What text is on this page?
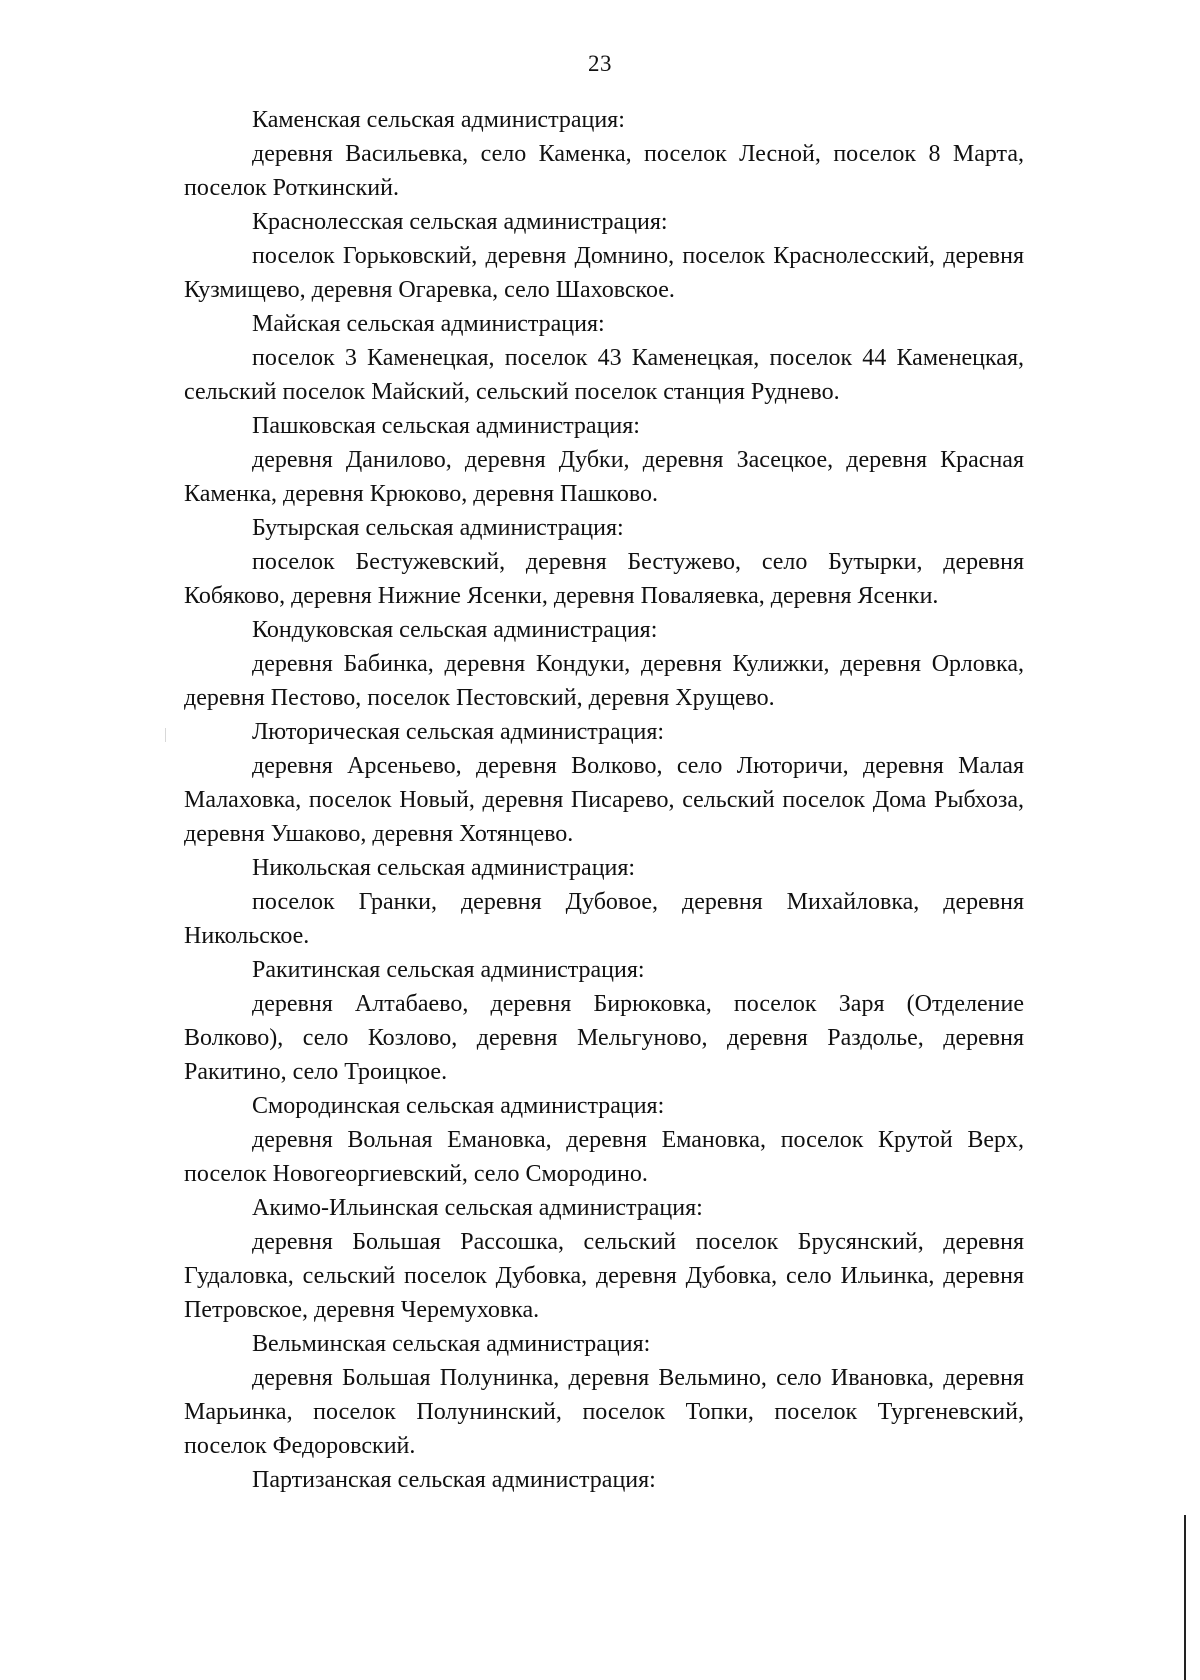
23

Каменская сельская администрация:

деревня Васильевка, село Каменка, поселок Лесной, поселок 8 Марта, поселок Роткинский.

Краснолесская сельская администрация:

поселок Горьковский, деревня Домнино, поселок Краснолесский, деревня Кузмищево, деревня Огаревка, село Шаховское.

Майская сельская администрация:

поселок 3 Каменецкая, поселок 43 Каменецкая, поселок 44 Каменецкая, сельский поселок Майский, сельский поселок станция Руднево.

Пашковская сельская администрация:

деревня Данилово, деревня Дубки, деревня Засецкое, деревня Красная Каменка, деревня Крюково, деревня Пашково.

Бутырская сельская администрация:

поселок Бестужевский, деревня Бестужево, село Бутырки, деревня Кобяково, деревня Нижние Ясенки, деревня Поваляевка, деревня Ясенки.

Кондуковская сельская администрация:

деревня Бабинка, деревня Кондуки, деревня Кулижки, деревня Орловка, деревня Пестово, поселок Пестовский, деревня Хрущево.

Люторическая сельская администрация:

деревня Арсеньево, деревня Волково, село Люторичи, деревня Малая Малаховка, поселок Новый, деревня Писарево, сельский поселок Дома Рыбхоза, деревня Ушаково, деревня Хотянцево.

Никольская сельская администрация:

поселок Гранки, деревня Дубовое, деревня Михайловка, деревня Никольское.

Ракитинская сельская администрация:

деревня Алтабаево, деревня Бирюковка, поселок Заря (Отделение Волково), село Козлово, деревня Мельгуново, деревня Раздолье, деревня Ракитино, село Троицкое.

Смородинская сельская администрация:

деревня Вольная Емановка, деревня Емановка, поселок Крутой Верх, поселок Новогеоргиевский, село Смородино.

Акимо-Ильинская сельская администрация:

деревня Большая Рассошка, сельский поселок Брусянский, деревня Гудаловка, сельский поселок Дубовка, деревня Дубовка, село Ильинка, деревня Петровское, деревня Черемуховка.

Вельминская сельская администрация:

деревня Большая Полунинка, деревня Вельмино, село Ивановка, деревня Марьинка, поселок Полунинский, поселок Топки, поселок Тургеневский, поселок Федоровский.

Партизанская сельская администрация:
